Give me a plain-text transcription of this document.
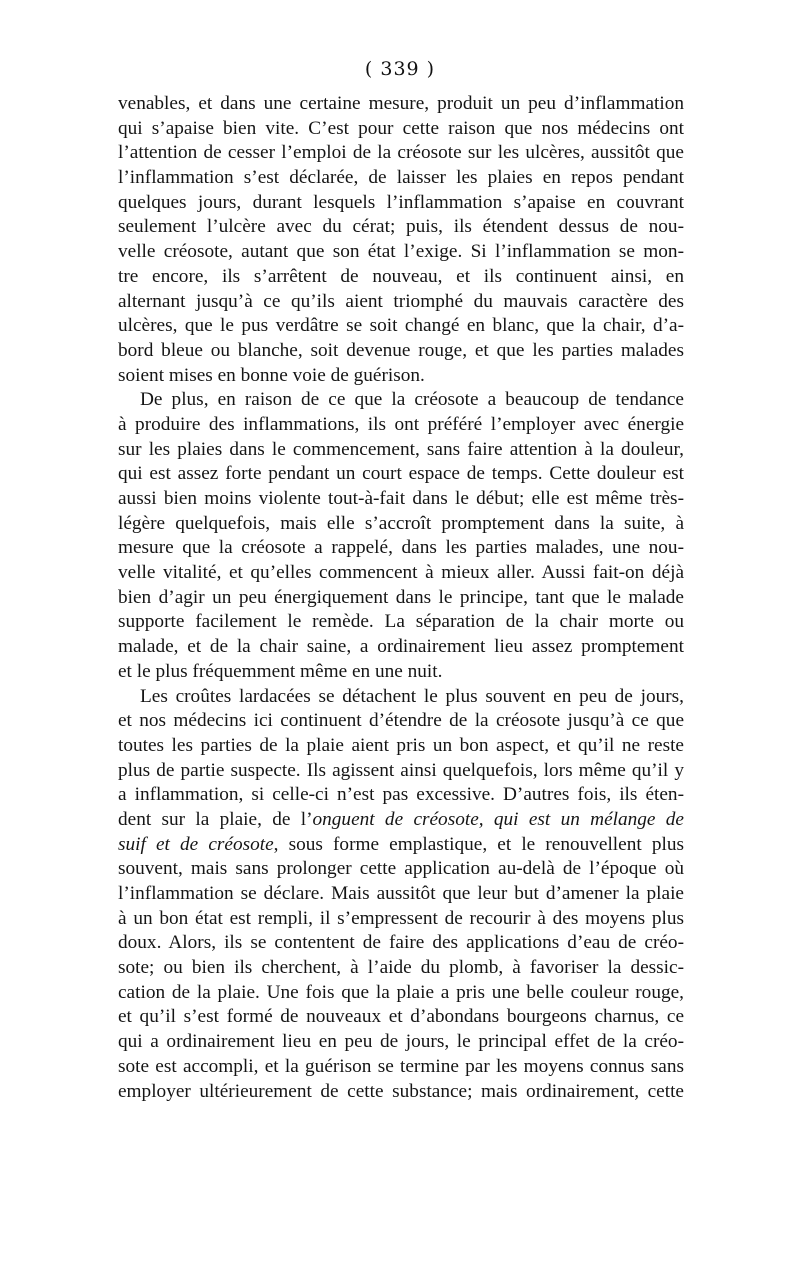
( 339 )
venables, et dans une certaine mesure, produit un peu d’inflammation
qui s’apaise bien vite. C’est pour cette raison que nos médecins ont
l’attention de cesser l’emploi de la créosote sur les ulcères, aussitôt que
l’inflammation s’est déclarée, de laisser les plaies en repos pendant
quelques jours, durant lesquels l’inflammation s’apaise en couvrant
seulement l’ulcère avec du cérat; puis, ils étendent dessus de nou-
velle créosote, autant que son état l’exige. Si l’inflammation se mon-
tre encore, ils s’arrêtent de nouveau, et ils continuent ainsi, en
alternant jusqu’à ce qu’ils aient triomphé du mauvais caractère des
ulcères, que le pus verdâtre se soit changé en blanc, que la chair, d’a-
bord bleue ou blanche, soit devenue rouge, et que les parties malades
soient mises en bonne voie de guérison.
De plus, en raison de ce que la créosote a beaucoup de tendance
à produire des inflammations, ils ont préféré l’employer avec énergie
sur les plaies dans le commencement, sans faire attention à la douleur,
qui est assez forte pendant un court espace de temps. Cette douleur est
aussi bien moins violente tout-à-fait dans le début; elle est même très-
légère quelquefois, mais elle s’accroît promptement dans la suite, à
mesure que la créosote a rappelé, dans les parties malades, une nou-
velle vitalité, et qu’elles commencent à mieux aller. Aussi fait-on déjà
bien d’agir un peu énergiquement dans le principe, tant que le malade
supporte facilement le remède. La séparation de la chair morte ou
malade, et de la chair saine, a ordinairement lieu assez promptement
et le plus fréquemment même en une nuit.
Les croûtes lardacées se détachent le plus souvent en peu de jours,
et nos médecins ici continuent d’étendre de la créosote jusqu’à ce que
toutes les parties de la plaie aient pris un bon aspect, et qu’il ne reste
plus de partie suspecte. Ils agissent ainsi quelquefois, lors même qu’il y
a inflammation, si celle-ci n’est pas excessive. D’autres fois, ils éten-
dent sur la plaie, de l’onguent de créosote, qui est un mélange de
suif et de créosote, sous forme emplastique, et le renouvellent plus
souvent, mais sans prolonger cette application au-delà de l’époque où
l’inflammation se déclare. Mais aussitôt que leur but d’amener la plaie
à un bon état est rempli, il s’empressent de recourir à des moyens plus
doux. Alors, ils se contentent de faire des applications d’eau de créo-
sote; ou bien ils cherchent, à l’aide du plomb, à favoriser la dessic-
cation de la plaie. Une fois que la plaie a pris une belle couleur rouge,
et qu’il s’est formé de nouveaux et d’abondans bourgeons charnus, ce
qui a ordinairement lieu en peu de jours, le principal effet de la créo-
sote est accompli, et la guérison se termine par les moyens connus sans
employer ultérieurement de cette substance; mais ordinairement, cette
